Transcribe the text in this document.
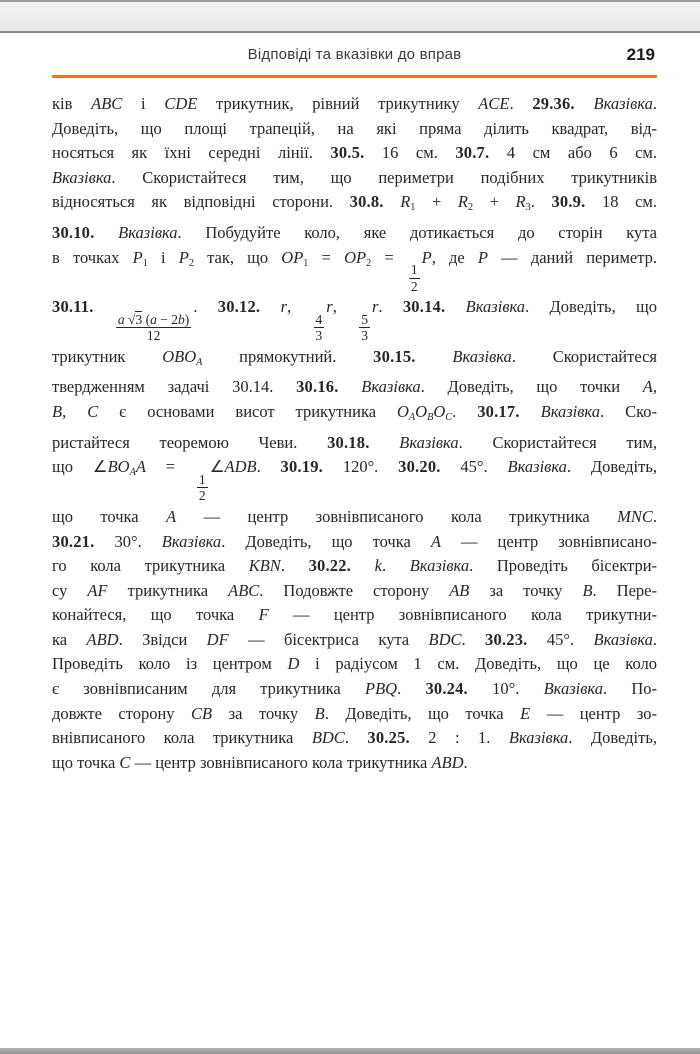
Відповіді та вказівки до вправ	219
ків ABC і CDE трикутник, рівний трикутнику ACE. 29.36. Вказівка.
Доведіть, що площі трапецій, на які пряма ділить квадрат, від-
носяться як їхні середні лінії. 30.5. 16 см. 30.7. 4 см або 6 см.
Вказівка. Скористайтеся тим, що периметри подібних трикутників
відносяться як відповідні сторони. 30.8. $R_1 + R_2 + R_3$. 30.9. 18 см.
30.10. Вказівка. Побудуйте коло, яке дотикається до сторін кута
в точках $P_1$ і $P_2$ так, що $OP_1 = OP_2$ =
$\frac{1}{2}$
P, де P — даний периметр.
30.11.
$\frac{a √3 (a - 2b)}{12}$
. 30.12. r,
$\frac{4}{3}$
r,
$\frac{5}{3}$
r. 30.14. Вказівка. Доведіть, що
трикутник $OBO_A$ прямокутний. 30.15. Вказівка. Скористайтеся
твердженням задачі 30.14. 30.16. Вказівка. Доведіть, що точки A,
B, C є основами висот трикутника $O_AO_BO_C$. 30.17. Вказівка. Ско-
ристайтеся теоремою Чеви. 30.18. Вказівка. Скористайтеся тим,
що $\angle BO_AA$ =
$\frac{1}{2}$
∠ADB. 30.19. 120°. 30.20. 45°. Вказівка. Доведіть,
що точка A — центр зовнівписаного кола трикутника MNC.
30.21. 30°. Вказівка. Доведіть, що точка A — центр зовнівписано-
го кола трикутника KBN. 30.22. k. Вказівка. Проведіть бісектри-
су AF трикутника ABC. Подовжте сторону AB за точку B. Пере-
конайтеся, що точка F — центр зовнівписаного кола трикутни-
ка ABD. Звідси DF — бісектриса кута BDC. 30.23. 45°. Вказівка.
Проведіть коло із центром D і радіусом 1 см. Доведіть, що це коло
є зовнівписаним для трикутника PBQ. 30.24. 10°. Вказівка. По-
довжте сторону CB за точку B. Доведіть, що точка E — центр зо-
внівписаного кола трикутника BDC. 30.25. 2 : 1. Вказівка. Доведіть,
що точка C — центр зовнівписаного кола трикутника ABD.
